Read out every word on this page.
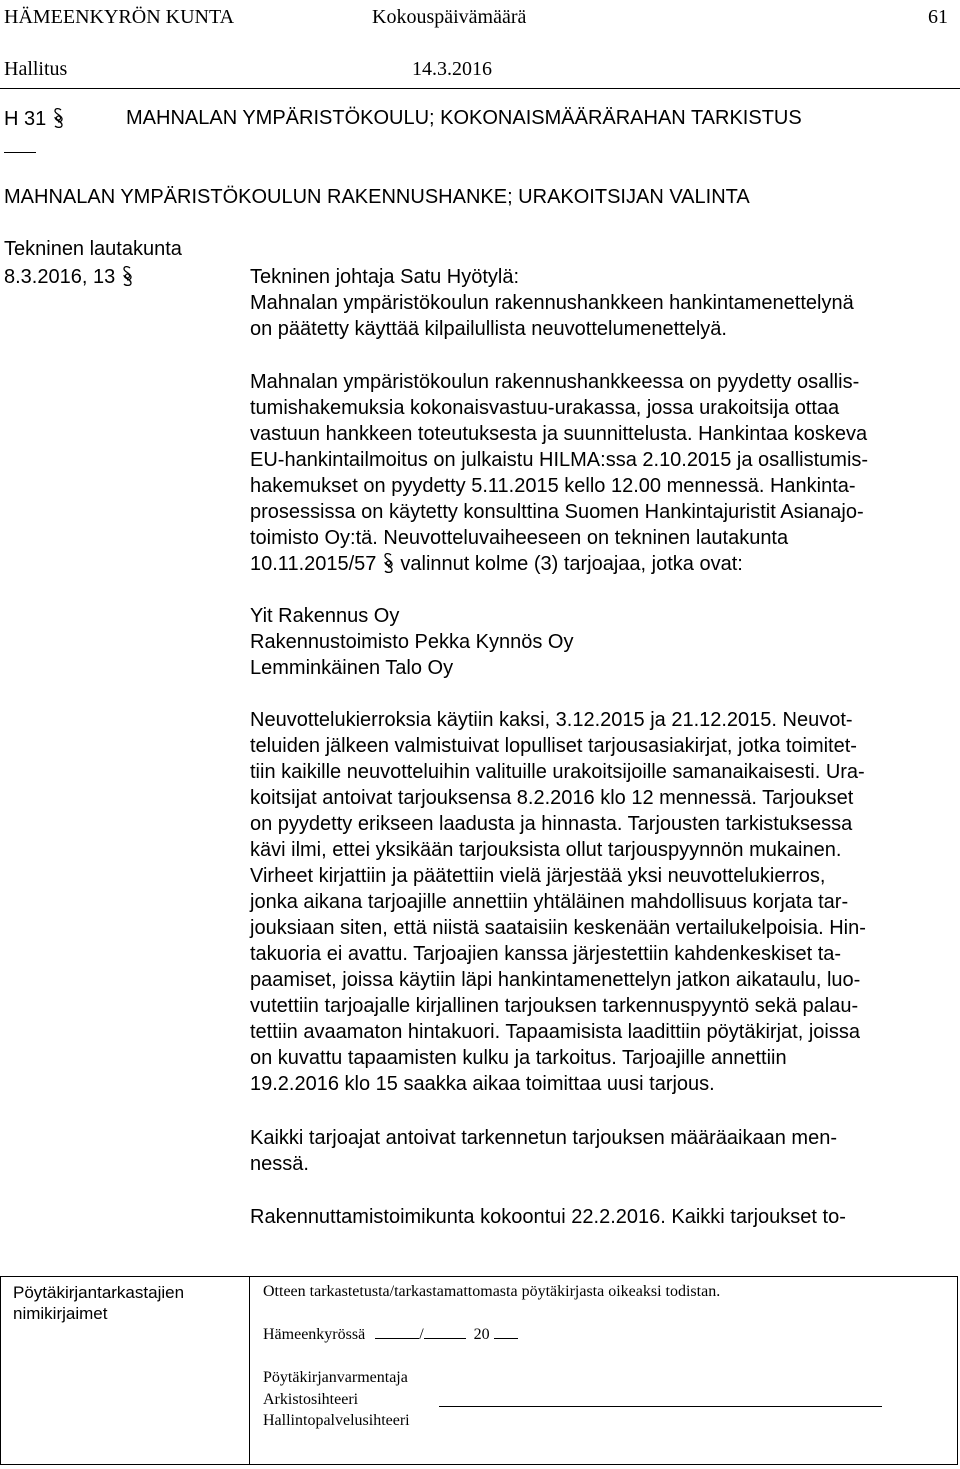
HÄMEENKYRÖN KUNTA	Kokouspäivämäärä	61
Hallitus	14.3.2016
H 31	MAHNALAN YMPÄRISTÖKOULU; KOKONAISMÄÄRÄRAHAN TARKISTUS
MAHNALAN YMPÄRISTÖKOULUN RAKENNUSHANKE; URAKOITSIJAN VALINTA
Tekninen lautakunta
8.3.2016, 13	Tekninen johtaja Satu Hyötylä:
Mahnalan ympäristökoulun rakennushankkeen hankintamenettelynä
on päätetty käyttää kilpailullista neuvottelumenettelyä.
Mahnalan ympäristökoulun rakennushankkeessa on pyydetty osallis-
tumishakemuksia kokonaisvastuu-urakassa, jossa urakoitsija ottaa
vastuun hankkeen toteutuksesta ja suunnittelusta. Hankintaa koskeva
EU-hankintailmoitus on julkaistu HILMA:ssa 2.10.2015 ja osallistumis-
hakemukset on pyydetty 5.11.2015 kello 12.00 mennessä. Hankinta-
prosessissa on käytetty konsulttina Suomen Hankintajuristit Asianajo-
toimisto Oy:tä. Neuvotteluvaiheeseen on tekninen lautakunta
10.11.2015/57 valinnut kolme (3) tarjoajaa, jotka ovat:
Yit Rakennus Oy
Rakennustoimisto Pekka Kynnös Oy
Lemminkäinen Talo Oy
Neuvottelukierroksia käytiin kaksi, 3.12.2015 ja 21.12.2015. Neuvot-
teluiden jälkeen valmistuivat lopulliset tarjousasiakirjat, jotka toimitet-
tiin kaikille neuvotteluihin valituille urakoitsijoille samanaikaisesti. Ura-
koitsijat antoivat tarjouksensa 8.2.2016 klo 12 mennessä. Tarjoukset
on pyydetty erikseen laadusta ja hinnasta. Tarjousten tarkistuksessa
kävi ilmi, ettei yksikään tarjouksista ollut tarjouspyynnön mukainen.
Virheet kirjattiin ja päätettiin vielä järjestää yksi neuvottelukierros,
jonka aikana tarjoajille annettiin yhtäläinen mahdollisuus korjata tar-
jouksiaan siten, että niistä saataisiin keskenään vertailukelpoisia. Hin-
takuoria ei avattu. Tarjoajien kanssa järjestettiin kahdenkeskiset ta-
paamiset, joissa käytiin läpi hankintamenettelyn jatkon aikataulu, luo-
vutettiin tarjoajalle kirjallinen tarjouksen tarkennuspyyntö sekä palau-
tettiin avaamaton hintakuori. Tapaamisista laadittiin pöytäkirjat, joissa
on kuvattu tapaamisten kulku ja tarkoitus. Tarjoajille annettiin
19.2.2016 klo 15 saakka aikaa toimittaa uusi tarjous.
Kaikki tarjoajat antoivat tarkennetun tarjouksen määräaikaan men-
nessä.
Rakennuttamistoimikunta kokoontui 22.2.2016. Kaikki tarjoukset to-
Pöytäkirjantarkastajien
nimikirjaimet
Otteen tarkastetusta/tarkastamattomasta pöytäkirjasta oikeaksi todistan.
Hämeenkyrössä	/	20
Pöytäkirjanvarmentaja
Arkistosihteeri
Hallintopalvelusihteeri
